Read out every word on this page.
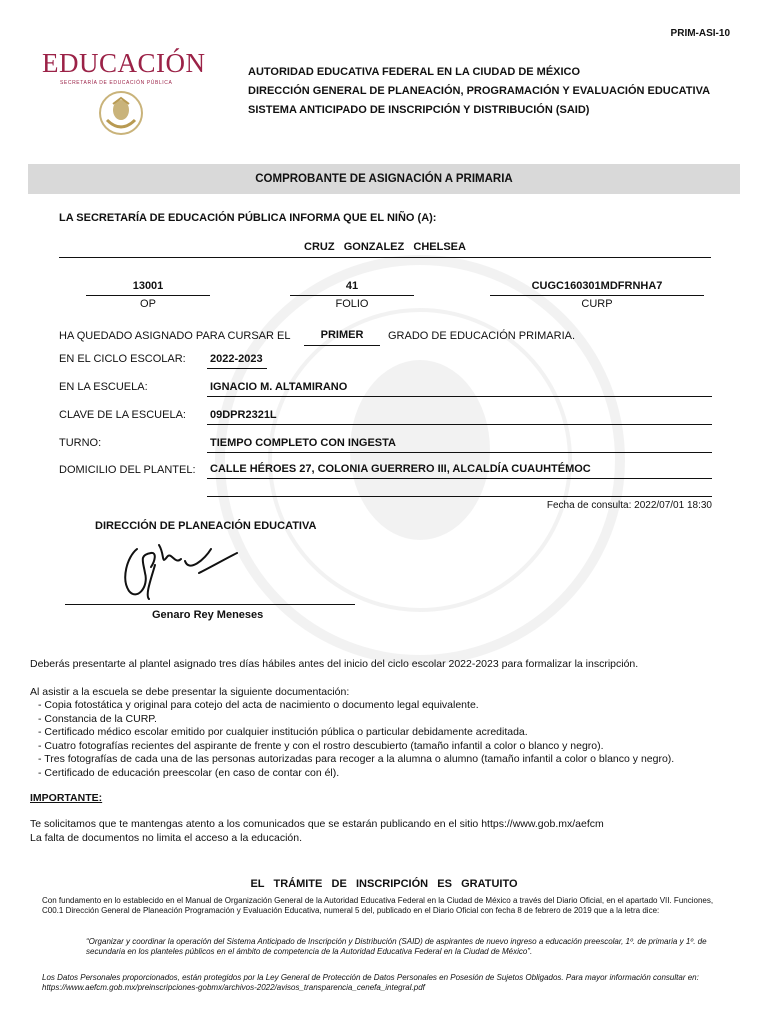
PRIM-ASI-10
EDUCACIÓN
SECRETARÍA DE EDUCACIÓN PÚBLICA
AUTORIDAD EDUCATIVA FEDERAL EN LA CIUDAD DE MÉXICO
DIRECCIÓN GENERAL DE PLANEACIÓN, PROGRAMACIÓN Y EVALUACIÓN EDUCATIVA
SISTEMA ANTICIPADO DE INSCRIPCIÓN Y DISTRIBUCIÓN (SAID)
COMPROBANTE DE ASIGNACIÓN A PRIMARIA
LA SECRETARÍA DE EDUCACIÓN PÚBLICA INFORMA QUE EL NIÑO (A):
CRUZ   GONZALEZ   CHELSEA
13001
OP
41
FOLIO
CUGC160301MDFRNHA7
CURP
HA QUEDADO ASIGNADO PARA CURSAR EL	PRIMER	GRADO DE EDUCACIÓN PRIMARIA.
EN EL CICLO ESCOLAR: 2022-2023
EN LA ESCUELA:	IGNACIO M. ALTAMIRANO
CLAVE DE LA ESCUELA: 09DPR2321L
TURNO:	TIEMPO COMPLETO CON INGESTA
DOMICILIO DEL PLANTEL: CALLE HÉROES 27, COLONIA GUERRERO III, ALCALDÍA CUAUHTÉMOC
Fecha de consulta: 2022/07/01 18:30
DIRECCIÓN DE PLANEACIÓN EDUCATIVA
Genaro Rey Meneses
Deberás presentarte al plantel asignado tres días hábiles antes del inicio del ciclo escolar 2022-2023 para formalizar la inscripción.
Al asistir a la escuela se debe presentar la siguiente documentación:
- Copia fotostática y original para cotejo del acta de nacimiento o documento legal equivalente.
- Constancia de la CURP.
- Certificado médico escolar emitido por cualquier institución pública o particular debidamente acreditada.
- Cuatro fotografías recientes del aspirante de frente y con el rostro descubierto (tamaño infantil a color o blanco y negro).
- Tres fotografías de cada una de las personas autorizadas para recoger a la alumna o alumno (tamaño infantil a color o blanco y negro).
- Certificado de educación preescolar (en caso de contar con él).
IMPORTANTE:
Te solicitamos que te mantengas atento a los comunicados que se estarán publicando en el sitio https://www.gob.mx/aefcm
La falta de documentos no limita el acceso a la educación.
EL   TRÁMITE   DE   INSCRIPCIÓN   ES   GRATUITO
Con fundamento en lo establecido en el Manual de Organización General de la Autoridad Educativa Federal en la Ciudad de México a través del Diario Oficial, en el apartado VII. Funciones, C00.1 Dirección General de Planeación Programación y Evaluación Educativa, numeral 5 del, publicado en el Diario Oficial con fecha 8 de febrero de 2019 que a la letra dice:
“Organizar y coordinar la operación del Sistema Anticipado de Inscripción y Distribución (SAID) de aspirantes de nuevo ingreso a educación preescolar, 1º. de primaria y 1º. de secundaria en los planteles públicos en el ámbito de competencia de la Autoridad Educativa Federal en la Ciudad de México”.
Los Datos Personales proporcionados, están protegidos por la Ley General de Protección de Datos Personales en Posesión de Sujetos Obligados. Para mayor información consultar en: https://www.aefcm.gob.mx/preinscripciones-gobmx/archivos-2022/avisos_transparencia_cenefa_integral.pdf
